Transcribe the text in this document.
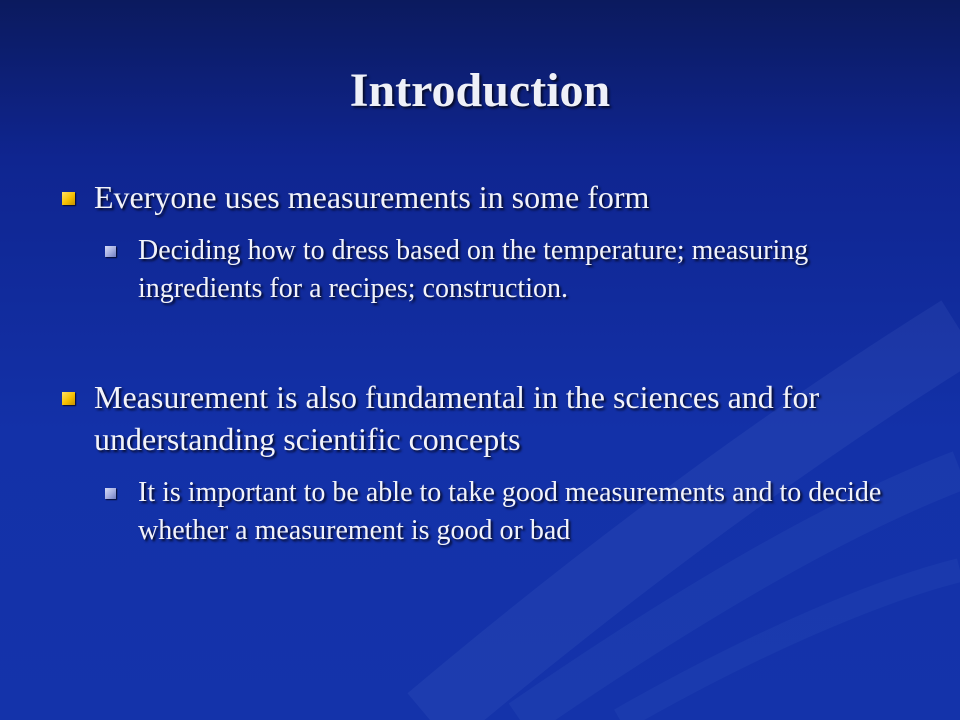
Introduction
Everyone uses measurements in some form
Deciding how to dress based on the temperature; measuring ingredients for a recipes; construction.
Measurement is also fundamental in the sciences and for understanding scientific concepts
It is important to be able to take good measurements and to decide whether a measurement is good or bad
